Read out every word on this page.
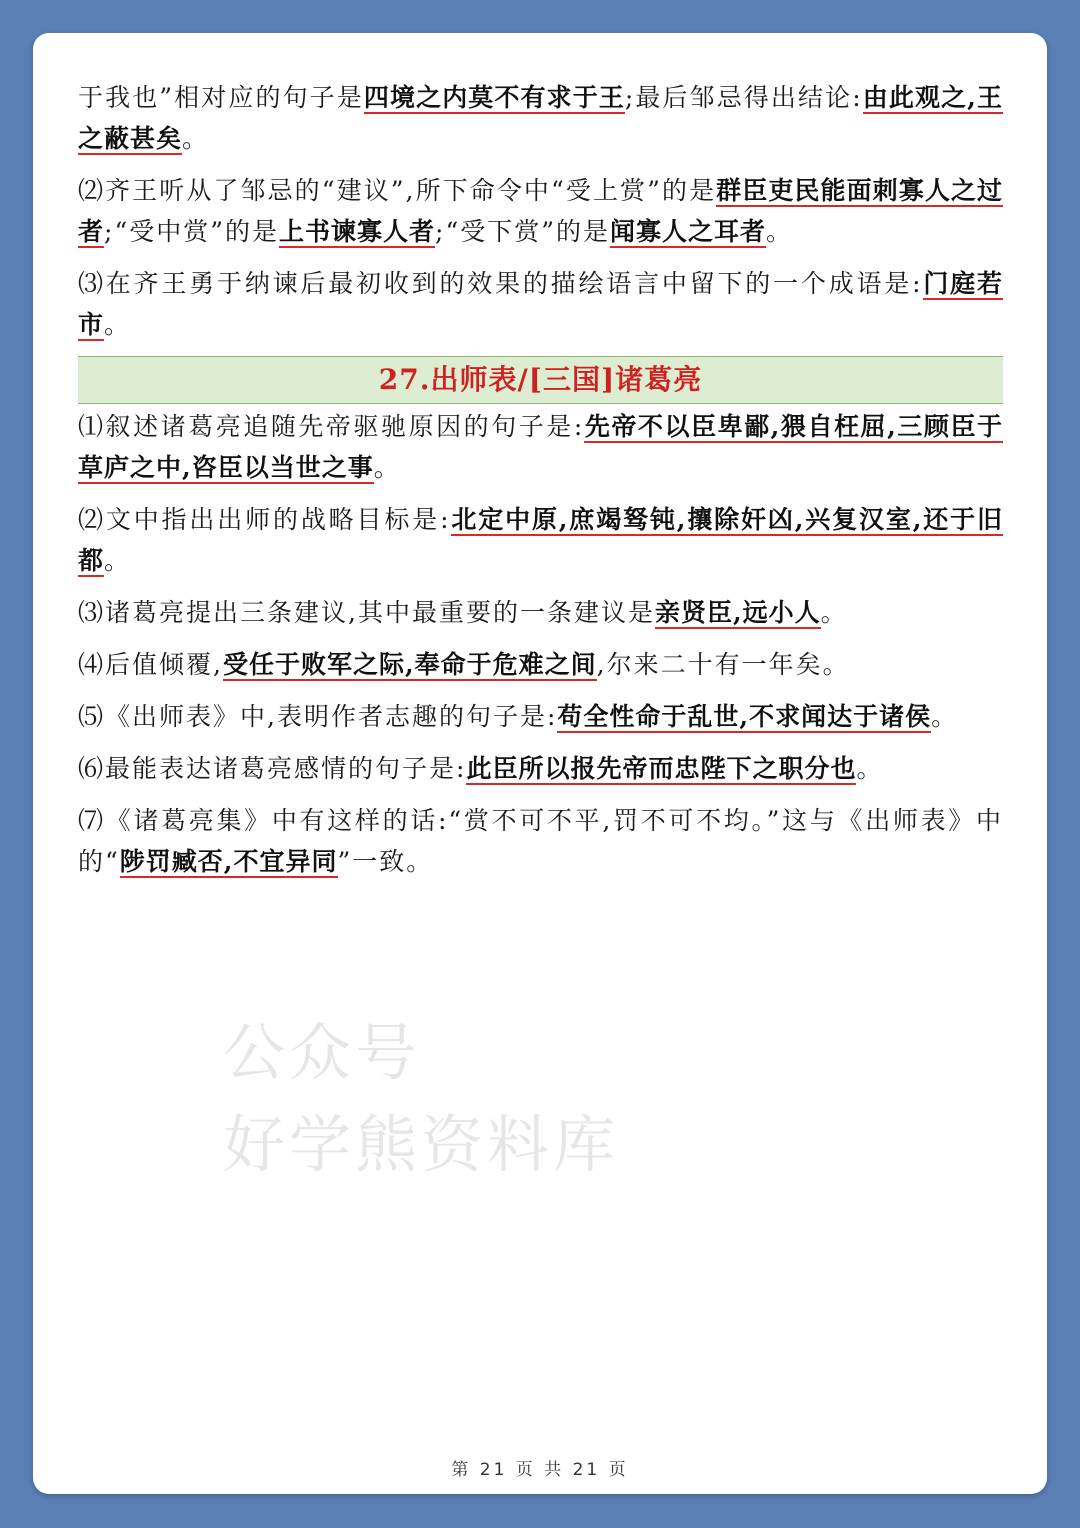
于我也”相对应的句子是四境之内莫不有求于王;最后邹忌得出结论:由此观之,王之蔽甚矣。
⑵齐王听从了邹忌的“建议”,所下命令中“受上赏”的是群臣吏民能面刺寡人之过者;“受中赏”的是上书谏寡人者;“受下赏”的是闻寡人之耳者。
⑶在齐王勇于纳谏后最初收到的效果的描绘语言中留下的一个成语是:门庭若市。
27.出师表/[三国]诸葛亮
⑴叙述诸葛亮追随先帝驱驰原因的句子是:先帝不以臣卑鄙,猥自枉屈,三顾臣于草庐之中,咨臣以当世之事。
⑵文中指出出师的战略目标是:北定中原,庶竭驽钝,攘除奸凶,兴复汉室,还于旧都。
⑶诸葛亮提出三条建议,其中最重要的一条建议是亲贤臣,远小人。
⑷后值倾覆,受任于败军之际,奉命于危难之间,尔来二十有一年矣。
⑸《出师表》中,表明作者志趣的句子是:苟全性命于乱世,不求闻达于诸侯。
⑹最能表达诸葛亮感情的句子是:此臣所以报先帝而忠陛下之职分也。
⑺《诸葛亮集》中有这样的话:“赏不可不平,罚不可不均。”这与《出师表》中的“陟罚臧否,不宜异同”一致。
公众号
好学熊资料库
第 21 页 共 21 页
